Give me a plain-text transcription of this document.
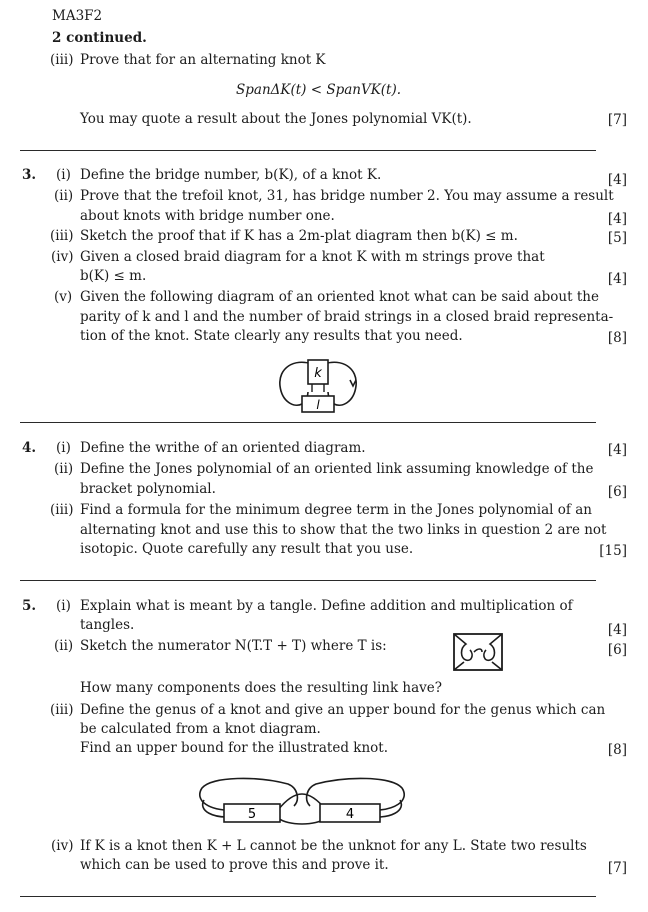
MA3F2
2 continued.
(iii) Prove that for an alternating knot K
SpanΔK(t) < SpanVK(t).
You may quote a result about the Jones polynomial VK(t).	[7]
3. (i) Define the bridge number, b(K), of a knot K.	[4]
(ii) Prove that the trefoil knot, 31, has bridge number 2. You may assume a result
about knots with bridge number one.	[4]
(iii) Sketch the proof that if K has a 2m-plat diagram then b(K) ≤ m.	[5]
(iv) Given a closed braid diagram for a knot K with m strings prove that
b(K) ≤ m.	[4]
(v) Given the following diagram of an oriented knot what can be said about the
parity of k and l and the number of braid strings in a closed braid representa-
tion of the knot. State clearly any results that you need.	[8]
k
l
4. (i) Define the writhe of an oriented diagram.	[4]
(ii) Define the Jones polynomial of an oriented link assuming knowledge of the
bracket polynomial.	[6]
(iii) Find a formula for the minimum degree term in the Jones polynomial of an
alternating knot and use this to show that the two links in question 2 are not
isotopic. Quote carefully any result that you use.	[15]
5. (i) Explain what is meant by a tangle. Define addition and multiplication of
tangles.	[4]
(ii) Sketch the numerator N(T.T + T) where T is:	[6]
How many components does the resulting link have?
(iii) Define the genus of a knot and give an upper bound for the genus which can
be calculated from a knot diagram.
Find an upper bound for the illustrated knot.	[8]
5	4
(iv) If K is a knot then K + L cannot be the unknot for any L. State two results
which can be used to prove this and prove it.	[7]
